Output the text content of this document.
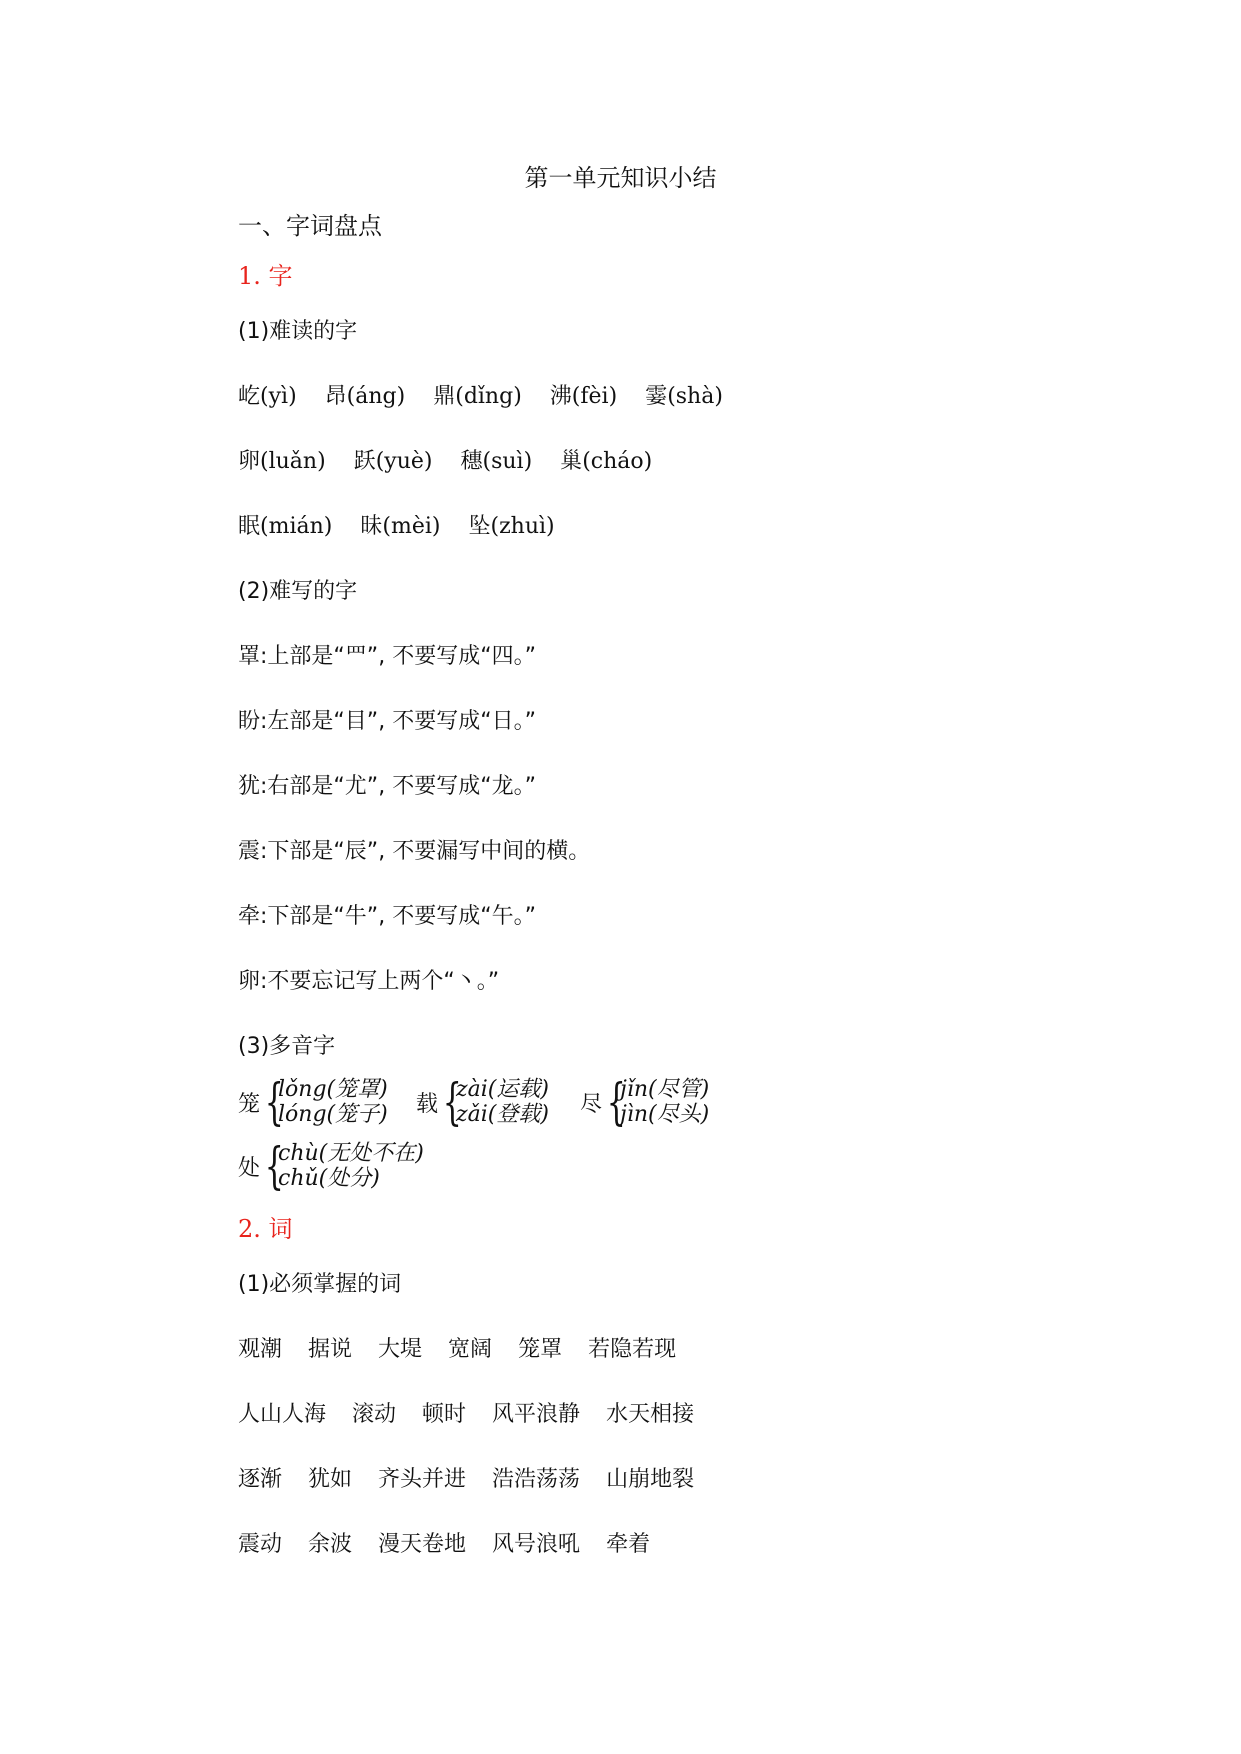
第一单元知识小结
一、字词盘点
1. 字
(1)难读的字
屹(yì) 昂(áng) 鼎(dǐng) 沸(fèi) 霎(shà)
卵(luǎn) 跃(yuè) 穗(suì) 巢(cháo)
眠(mián) 昧(mèi) 坠(zhuì)
(2)难写的字
罩:上部是“罒”, 不要写成“四。”
盼:左部是“目”, 不要写成“日。”
犹:右部是“尤”, 不要写成“龙。”
震:下部是“辰”, 不要漏写中间的横。
牵:下部是“牛”, 不要写成“午。”
卵:不要忘记写上两个“丶。”
(3)多音字
笼 {
lǒng(笼罩)
lóng(笼子) 载 {
zài(运载)
zǎi(登载) 尽 {
jǐn(尽管)
jìn(尽头)
处 {
chù(无处不在)
chǔ(处分)
2. 词
(1)必须掌握的词
观潮 据说 大堤 宽阔 笼罩 若隐若现
人山人海 滚动 顿时 风平浪静 水天相接
逐渐 犹如 齐头并进 浩浩荡荡 山崩地裂
震动 余波 漫天卷地 风号浪吼 牵着
